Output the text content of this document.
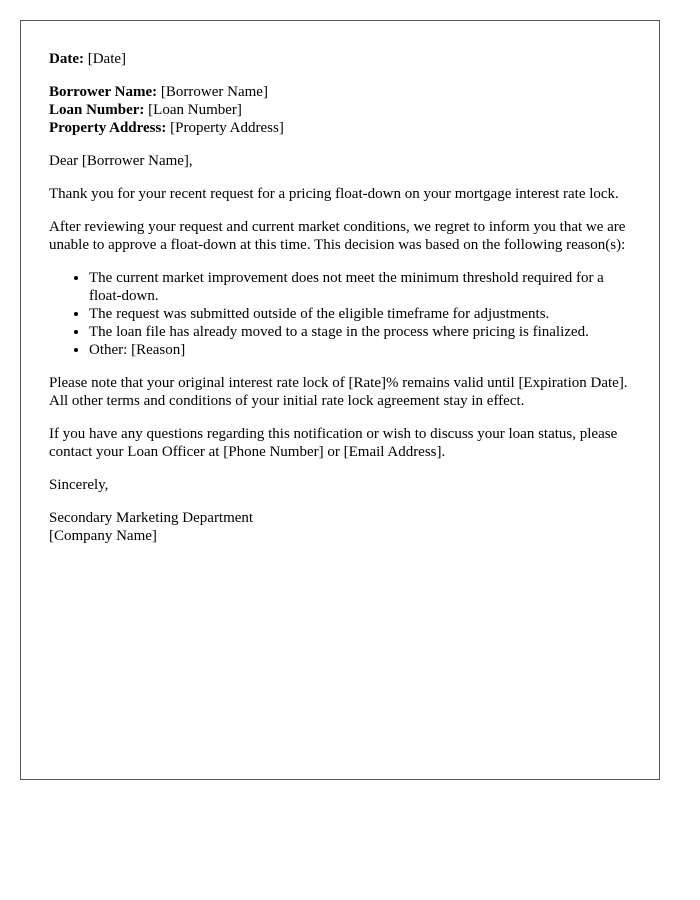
Date: [Date]

Borrower Name: [Borrower Name]
Loan Number: [Loan Number]
Property Address: [Property Address]

Dear [Borrower Name],

Thank you for your recent request for a pricing float-down on your mortgage interest rate lock.

After reviewing your request and current market conditions, we regret to inform you that we are unable to approve a float-down at this time. This decision was based on the following reason(s):

• The current market improvement does not meet the minimum threshold required for a float-down.
• The request was submitted outside of the eligible timeframe for adjustments.
• The loan file has already moved to a stage in the process where pricing is finalized.
• Other: [Reason]

Please note that your original interest rate lock of [Rate]% remains valid until [Expiration Date]. All other terms and conditions of your initial rate lock agreement stay in effect.

If you have any questions regarding this notification or wish to discuss your loan status, please contact your Loan Officer at [Phone Number] or [Email Address].

Sincerely,

Secondary Marketing Department
[Company Name]
